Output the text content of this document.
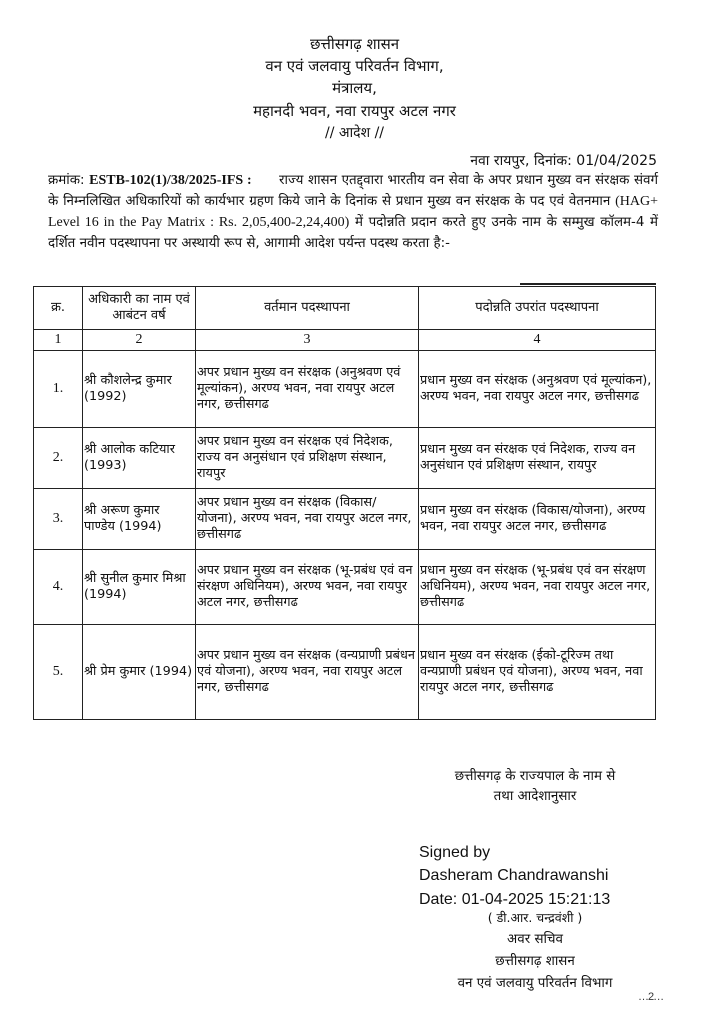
छत्तीसगढ़ शासन
वन एवं जलवायु परिवर्तन विभाग,
मंत्रालय,
महानदी भवन, नवा रायपुर अटल नगर
// आदेश //
नवा रायपुर, दिनांक: 01/04/2025
क्रमांक: ESTB-102(1)/38/2025-IFS : राज्य शासन एतद्द्वारा भारतीय वन सेवा के अपर प्रधान मुख्य वन संरक्षक संवर्ग के निम्नलिखित अधिकारियों को कार्यभार ग्रहण किये जाने के दिनांक से प्रधान मुख्य वन संरक्षक के पद एवं वेतनमान (HAG+ Level 16 in the Pay Matrix : Rs. 2,05,400-2,24,400) में पदोन्नति प्रदान करते हुए उनके नाम के सम्मुख कॉलम-4 में दर्शित नवीन पदस्थापना पर अस्थायी रूप से, आगामी आदेश पर्यन्त पदस्थ करता है:-
क्र.	अधिकारी का नाम एवं आबंटन वर्ष	वर्तमान पदस्थापना	पदोन्नति उपरांत पदस्थापना
1	2	3	4
1.	श्री कौशलेन्द्र कुमार (1992)	अपर प्रधान मुख्य वन संरक्षक (अनुश्रवण एवं मूल्यांकन), अरण्य भवन, नवा रायपुर अटल नगर, छत्तीसगढ	प्रधान मुख्य वन संरक्षक (अनुश्रवण एवं मूल्यांकन), अरण्य भवन, नवा रायपुर अटल नगर, छत्तीसगढ
2.	श्री आलोक कटियार (1993)	अपर प्रधान मुख्य वन संरक्षक एवं निदेशक, राज्य वन अनुसंधान एवं प्रशिक्षण संस्थान, रायपुर	प्रधान मुख्य वन संरक्षक एवं निदेशक, राज्य वन अनुसंधान एवं प्रशिक्षण संस्थान, रायपुर
3.	श्री अरूण कुमार पाण्डेय (1994)	अपर प्रधान मुख्य वन संरक्षक (विकास/योजना), अरण्य भवन, नवा रायपुर अटल नगर, छत्तीसगढ	प्रधान मुख्य वन संरक्षक (विकास/योजना), अरण्य भवन, नवा रायपुर अटल नगर, छत्तीसगढ
4.	श्री सुनील कुमार मिश्रा (1994)	अपर प्रधान मुख्य वन संरक्षक (भू-प्रबंध एवं वन संरक्षण अधिनियम), अरण्य भवन, नवा रायपुर अटल नगर, छत्तीसगढ	प्रधान मुख्य वन संरक्षक (भू-प्रबंध एवं वन संरक्षण अधिनियम), अरण्य भवन, नवा रायपुर अटल नगर, छत्तीसगढ
5.	श्री प्रेम कुमार (1994)	अपर प्रधान मुख्य वन संरक्षक (वन्यप्राणी प्रबंधन एवं योजना), अरण्य भवन, नवा रायपुर अटल नगर, छत्तीसगढ	प्रधान मुख्य वन संरक्षक (ईको-टूरिज्म तथा वन्यप्राणी प्रबंधन एवं योजना), अरण्य भवन, नवा रायपुर अटल नगर, छत्तीसगढ
छत्तीसगढ़ के राज्यपाल के नाम से
तथा आदेशानुसार
Signed by
Dasheram Chandrawanshi
Date: 01-04-2025 15:21:13
( डी.आर. चन्द्रवंशी )
अवर सचिव
छत्तीसगढ़ शासन
वन एवं जलवायु परिवर्तन विभाग
…2…
